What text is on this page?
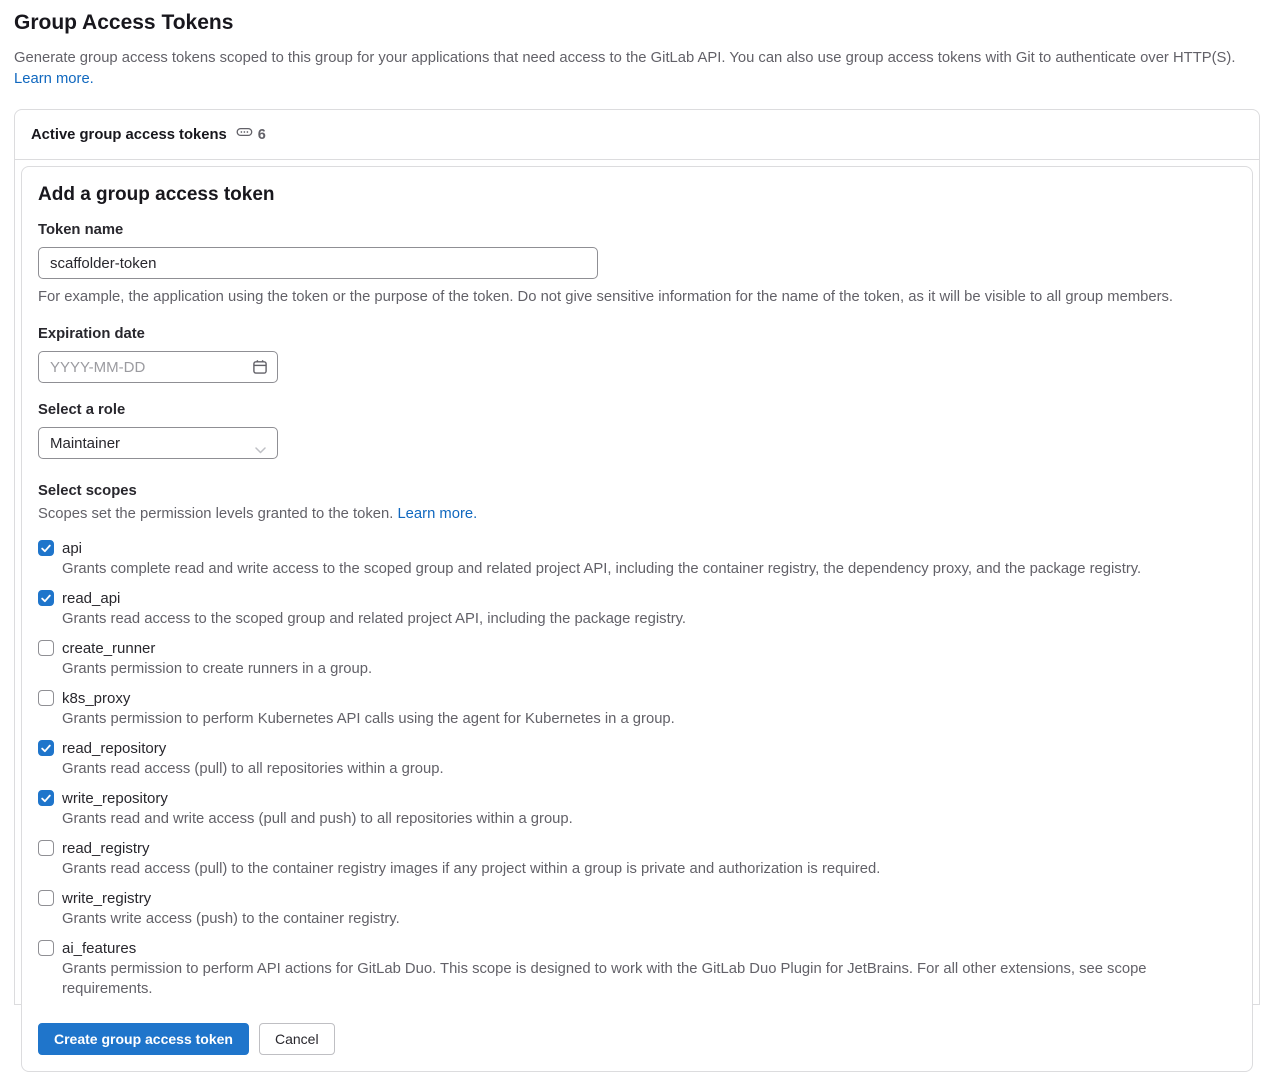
Group Access Tokens

Generate group access tokens scoped to this group for your applications that need access to the GitLab API. You can also use group access tokens with Git to authenticate over HTTP(S). Learn more.

Active group access tokens 6
Add a group access token
Token name
scaffolder-token
For example, the application using the token or the purpose of the token. Do not give sensitive information for the name of the token, as it will be visible to all group members.
Expiration date
YYYY-MM-DD
Select a role
Maintainer
Select scopes
Scopes set the permission levels granted to the token. Learn more.
api
Grants complete read and write access to the scoped group and related project API, including the container registry, the dependency proxy, and the package registry.
read_api
Grants read access to the scoped group and related project API, including the package registry.
create_runner
Grants permission to create runners in a group.
k8s_proxy
Grants permission to perform Kubernetes API calls using the agent for Kubernetes in a group.
read_repository
Grants read access (pull) to all repositories within a group.
write_repository
Grants read and write access (pull and push) to all repositories within a group.
read_registry
Grants read access (pull) to the container registry images if any project within a group is private and authorization is required.
write_registry
Grants write access (push) to the container registry.
ai_features
Grants permission to perform API actions for GitLab Duo. This scope is designed to work with the GitLab Duo Plugin for JetBrains. For all other extensions, see scope requirements.
Create group access token	Cancel
